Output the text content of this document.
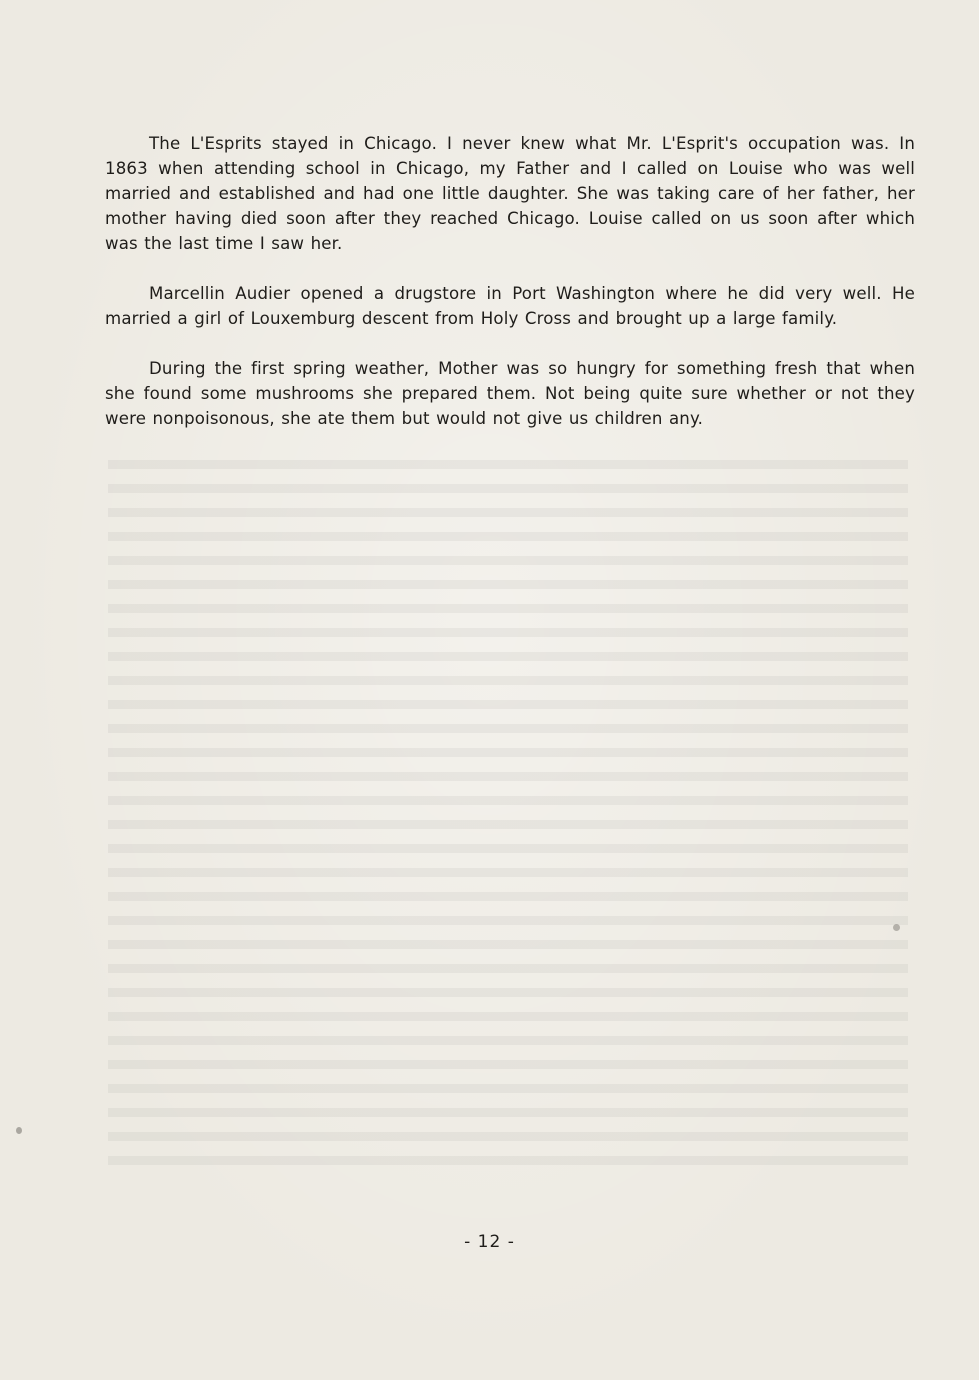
The L'Esprits stayed in Chicago. I never knew what Mr. L'Esprit's occupation was. In 1863 when attending school in Chicago, my Father and I called on Louise who was well married and established and had one little daughter. She was taking care of her father, her mother having died soon after they reached Chicago. Louise called on us soon after which was the last time I saw her.

Marcellin Audier opened a drugstore in Port Washington where he did very well. He married a girl of Louxemburg descent from Holy Cross and brought up a large family.

During the first spring weather, Mother was so hungry for something fresh that when she found some mushrooms she prepared them. Not being quite sure whether or not they were nonpoisonous, she ate them but would not give us children any.

- 12 -
